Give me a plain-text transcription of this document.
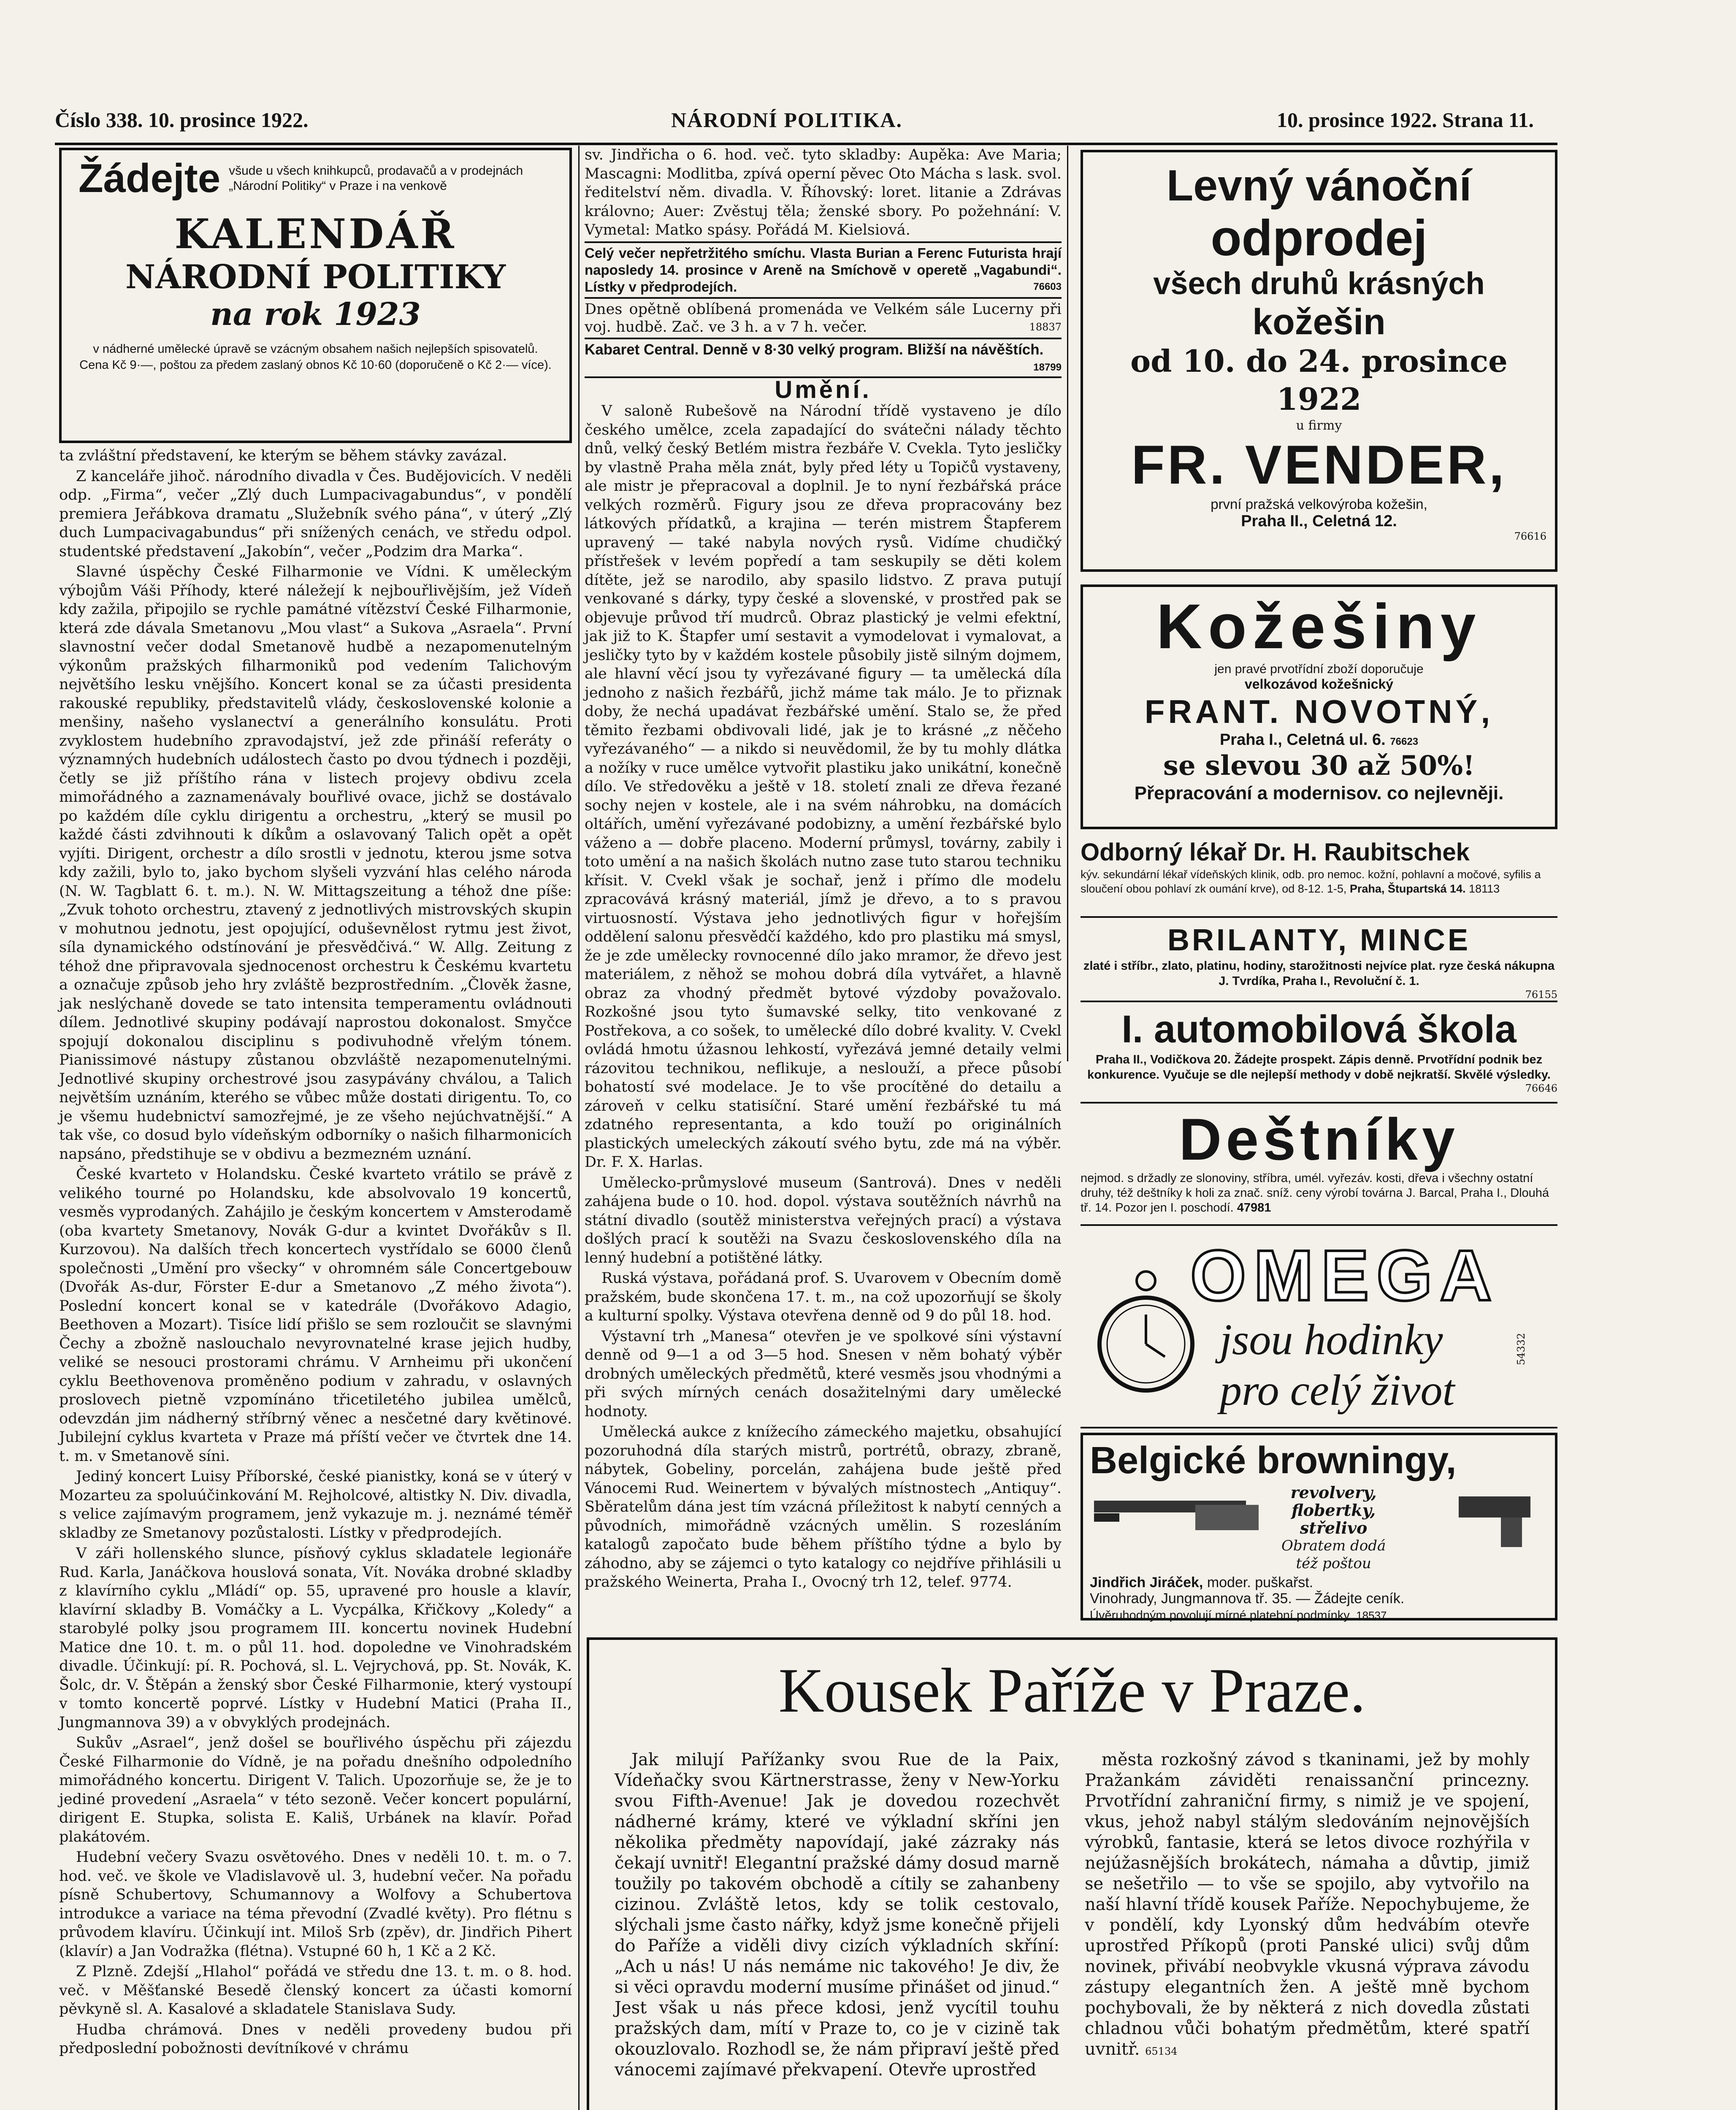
Číslo 338. 10. prosince 1922.	NÁRODNÍ POLITIKA.	10. prosince 1922. Strana 11.
Žádejte všude u všech knihkupců, prodavačů a v prodejnách „Národní Politiky“ v Praze i na venkově
KALENDÁŘ
NÁRODNÍ POLITIKY
na rok 1923
v nádherné umělecké úpravě se vzácným obsahem našich nejlepších spisovatelů. Cena Kč 9·—, poštou za předem zaslaný obnos Kč 10·60 (doporučeně o Kč 2·— více).

ta zvláštní představení, ke kterým se během stávky zavázal.

Z kanceláře jihoč. národního divadla v Čes. Budějovicích. V neděli odp. „Firma“, večer „Zlý duch Lumpacivagabundus“, v pondělí premiera Jeřábkova dramatu „Služebník svého pána“, v úterý „Zlý duch Lumpacivagabundus“ při snížených cenách, ve středu odpol. studentské představení „Jakobín“, večer „Podzim dra Marka“.

Slavné úspěchy České Filharmonie ve Vídni. K uměleckým výbojům Váši Příhody, které náležejí k nejbouřlivějším, jež Vídeň kdy zažila, připojilo se rychle památné vítězství České Filharmonie, která zde dávala Smetanovu „Mou vlast“ a Sukova „Asraela“. První slavnostní večer dodal Smetanově hudbě a nezapomenutelným výkonům pražských filharmoniků pod vedením Talichovým největšího lesku vnějšího. Koncert konal se za účasti presidenta rakouské republiky, představitelů vlády, československé kolonie a menšiny, našeho vyslanectví a generálního konsulátu. Proti zvyklostem hudebního zpravodajství, jež zde přináší referáty o významných hudebních událostech často po dvou týdnech i později, četly se již příštího rána v listech projevy obdivu zcela mimořádného a zaznamenávaly bouřlivé ovace, jichž se dostávalo po každém díle cyklu dirigentu a orchestru, „který se musil po každé části zdvihnouti k díkům a oslavovaný Talich opět a opět vyjíti. Dirigent, orchestr a dílo srostli v jednotu, kterou jsme sotva kdy zažili, bylo to, jako bychom slyšeli vyzvání hlas celého národa (N. W. Tagblatt 6. t. m.). N. W. Mittagszeitung a téhož dne píše: „Zvuk tohoto orchestru, ztavený z jednotlivých mistrovských skupin v mohutnou jednotu, jest opojující, oduševnělost rytmu jest život, síla dynamického odstínování je přesvědčivá.“ W. Allg. Zeitung z téhož dne připravovala sjednocenost orchestru k Českému kvartetu a označuje způsob jeho hry zvláště bezprostředním. „Člověk žasne, jak neslýchaně dovede se tato intensita temperamentu ovládnouti dílem. Jednotlivé skupiny podávají naprostou dokonalost. Smyčce spojují dokonalou disciplinu s podivuhodně vřelým tónem. Pianissimové nástupy zůstanou obzvláště nezapomenutelnými. Jednotlivé skupiny orchestrové jsou zasypávány chválou, a Talich největším uznáním, kterého se vůbec může dostati dirigentu. To, co je všemu hudebnictví samozřejmé, je ze všeho nejúchvatnější.“ A tak vše, co dosud bylo vídeňským odborníky o našich filharmonicích napsáno, předstihuje se v obdivu a bezmezném uznání.

České kvarteto v Holandsku. České kvarteto vrátilo se právě z velikého tourné po Holandsku, kde absolvovalo 19 koncertů, vesměs vyprodaných. Zahájilo je českým koncertem v Amsterodamě (oba kvartety Smetanovy, Novák G-dur a kvintet Dvořákův s Il. Kurzovou). Na dalších třech koncertech vystřídalo se 6000 členů společnosti „Umění pro všecky“ v ohromném sále Concertgebouw (Dvořák As-dur, Förster E-dur a Smetanovo „Z mého života“). Poslední koncert konal se v katedrále (Dvořákovo Adagio, Beethoven a Mozart). Tisíce lidí přišlo se sem rozloučit se slavnými Čechy a zbožně naslouchalo nevyrovnatelné krase jejich hudby, veliké se nesouci prostorami chrámu. V Arnheimu při ukončení cyklu Beethovenova proměněno podium v zahradu, v oslavných proslovech pietně vzpomínáno třicetiletého jubilea umělců, odevzdán jim nádherný stříbrný věnec a nesčetné dary květinové. Jubilejní cyklus kvarteta v Praze má příští večer ve čtvrtek dne 14. t. m. v Smetanově síni.

Jediný koncert Luisy Příborské, české pianistky, koná se v úterý v Mozarteu za spoluúčinkování M. Rejholcové, altistky N. Div. divadla, s velice zajímavým programem, jenž vykazuje m. j. neznámé téměř skladby ze Smetanovy pozůstalosti. Lístky v předprodejích.

V záři hollenského slunce, písňový cyklus skladatele legionáře Rud. Karla, Janáčkova houslová sonata, Vít. Nováka drobné skladby z klavírního cyklu „Mládí“ op. 55, upravené pro housle a klavír, klavírní skladby B. Vomáčky a L. Vycpálka, Křičkovy „Koledy“ a starobylé polky jsou programem III. koncertu novinek Hudební Matice dne 10. t. m. o půl 11. hod. dopoledne ve Vinohradském divadle. Účinkují: pí. R. Pochová, sl. L. Vejrychová, pp. St. Novák, K. Šolc, dr. V. Štěpán a ženský sbor České Filharmonie, který vystoupí v tomto koncertě poprvé. Lístky v Hudební Matici (Praha II., Jungmannova 39) a v obvyklých prodejnách.

Sukův „Asrael“, jenž došel se bouřlivého úspěchu při zájezdu České Filharmonie do Vídně, je na pořadu dnešního odpoledního mimořádného koncertu. Dirigent V. Talich. Upozorňuje se, že je to jediné provedení „Asraela“ v této sezoně. Večer koncert populární, dirigent E. Stupka, solista E. Kališ, Urbánek na klavír. Pořad plakátovém.

Hudební večery Svazu osvětového. Dnes v neděli 10. t. m. o 7. hod. več. ve škole ve Vladislavově ul. 3, hudební večer. Na pořadu písně Schubertovy, Schumannovy a Wolfovy a Schubertova introdukce a variace na téma převodní (Zvadlé květy). Pro flétnu s průvodem klavíru. Účinkují int. Miloš Srb (zpěv), dr. Jindřich Pihert (klavír) a Jan Vodražka (flétna). Vstupné 60 h, 1 Kč a 2 Kč.

Z Plzně. Zdejší „Hlahol“ pořádá ve středu dne 13. t. m. o 8. hod. več. v Měšťanské Besedě členský koncert za účasti komorní pěvkyně sl. A. Kasalové a skladatele Stanislava Sudy.

Hudba chrámová. Dnes v neděli provedeny budou při předposlední pobožnosti devítníkové v chrámu

sv. Jindřicha o 6. hod. več. tyto skladby: Aupěka: Ave Maria; Mascagni: Modlitba, zpívá operní pěvec Oto Mácha s lask. svol. ředitelství něm. divadla. V. Říhovský: loret. litanie a Zdrávas královno; Auer: Zvěstuj těla; ženské sbory. Po požehnání: V. Vymetal: Matko spásy. Pořádá M. Kielsiová.

Celý večer nepřetržitého smíchu. Vlasta Burian a Ferenc Futurista hrají naposledy 14. prosince v Areně na Smíchově v operetě „Vagabundi“. Lístky v předprodejích.	76603
Dnes opětně oblíbená promenáda ve Velkém sále Lucerny při voj. hudbě. Zač. ve 3 h. a v 7 h. večer.	18837
Kabaret Central. Denně v 8·30 velký program. Bližší na návěštích.
18799
Umění.

V saloně Rubešově na Národní třídě vystaveno je dílo českého umělce, zcela zapadající do svátečni nálady těchto dnů, velký český Betlém mistra řezbáře V. Cvekla. Tyto jesličky by vlastně Praha měla znát, byly před léty u Topičů vystaveny, ale mistr je přepracoval a doplnil. Je to nyní řezbářská práce velkých rozměrů. Figury jsou ze dřeva propracovány bez látkových přídatků, a krajina — terén mistrem Štapferem upravený — také nabyla nových rysů. Vidíme chudičký přístřešek v levém popředí a tam seskupily se děti kolem dítěte, jež se narodilo, aby spasilo lidstvo. Z prava putují venkované s dárky, typy české a slovenské, v prostřed pak se objevuje průvod tří mudrců. Obraz plastický je velmi efektní, jak již to K. Štapfer umí sestavit a vymodelovat i vymalovat, a jesličky tyto by v každém kostele působily jistě silným dojmem, ale hlavní věcí jsou ty vyřezávané figury — ta umělecká díla jednoho z našich řezbářů, jichž máme tak málo. Je to přiznak doby, že nechá upadávat řezbářské umění. Stalo se, že před těmito řezbami obdivovali lidé, jak je to krásné „z něčeho vyřezávaného“ — a nikdo si neuvědomil, že by tu mohly dlátka a nožíky v ruce umělce vytvořit plastiku jako unikátní, konečně dílo. Ve středověku a ještě v 18. století znali ze dřeva řezané sochy nejen v kostele, ale i na svém náhrobku, na domácích oltářích, umění vyřezávané podobizny, a umění řezbářské bylo váženo a — dobře placeno. Moderní průmysl, továrny, zabily i toto umění a na našich školách nutno zase tuto starou techniku křísit. V. Cvekl však je sochař, jenž i přímo dle modelu zpracovává krásný materiál, jímž je dřevo, a to s pravou virtuosností. Výstava jeho jednotlivých figur v hořejším oddělení salonu přesvědčí každého, kdo pro plastiku má smysl, že je zde umělecky rovnocenné dílo jako mramor, že dřevo jest materiálem, z něhož se mohou dobrá díla vytvářet, a hlavně obraz za vhodný předmět bytové výzdoby považovalo. Rozkošné jsou tyto šumavské selky, tito venkované z Postřekova, a co sošek, to umělecké dílo dobré kvality. V. Cvekl ovládá hmotu úžasnou lehkostí, vyřezává jemné detaily velmi rázovitou technikou, neflikuje, a neslouží, a přece působí bohatostí své modelace. Je to vše procítěné do detailu a zároveň v celku statisíční. Staré umění řezbářské tu má zdatného representanta, a kdo touží po originálních plastických umeleckých zákoutí svého bytu, zde má na výběr. Dr. F. X. Harlas.

Umělecko-průmyslové museum (Santrová). Dnes v neděli zahájena bude o 10. hod. dopol. výstava soutěžních návrhů na státní divadlo (soutěž ministerstva veřejných prací) a výstava došlých prací k soutěži na Svazu československého díla na lenný hudební a potištěné látky.

Ruská výstava, pořádaná prof. S. Uvarovem v Obecním domě pražském, bude skončena 17. t. m., na což upozorňují se školy a kulturní spolky. Výstava otevřena denně od 9 do půl 18. hod.

Výstavní trh „Manesa“ otevřen je ve spolkové síni výstavní denně od 9—1 a od 3—5 hod. Snesen v něm bohatý výběr drobných uměleckých předmětů, které vesměs jsou vhodnými a při svých mírných cenách dosažitelnými dary umělecké hodnoty.

Umělecká aukce z knížecího zámeckého majetku, obsahující pozoruhodná díla starých mistrů, portrétů, obrazy, zbraně, nábytek, Gobeliny, porcelán, zahájena bude ještě před Vánocemi Rud. Weinertem v bývalých místnostech „Antiquy“. Sběratelům dána jest tím vzácná příležitost k nabytí cenných a původních, mimořádně vzácných umělin. S rozesláním katalogů započato bude během příštího týdne a bylo by záhodno, aby se zájemci o tyto katalogy co nejdříve přihlásili u pražského Weinerta, Praha I., Ovocný trh 12, telef. 9774.

Levný vánoční
odprodej
všech druhů krásných
kožešin
od 10. do 24. prosince 1922
u firmy
FR. VENDER,
první pražská velkovýroba kožešin,
Praha II., Celetná 12.
76616
Kožešiny
jen pravé prvotřídní zboží doporučuje
velkozávod kožešnický
FRANT. NOVOTNÝ,
Praha I., Celetná ul. 6. 76623
se slevou 30 až 50%!
Přepracování a modernisov. co nejlevněji.
Odborný lékař Dr. H. Raubitschek
kýv. sekundární lékař vídeňských klinik, odb. pro nemoc. kožní, pohlavní a močové, syfilis a sloučení obou pohlaví zk oumání krve), od 8-12. 1-5, Praha, Štupartská 14. 18113
BRILANTY, MINCE
zlaté i stříbr., zlato, platinu, hodiny, starožitnosti nejvíce plat. ryze česká nákupna J. Tvrdíka, Praha I., Revoluční č. 1.
76155
I. automobilová škola
Praha II., Vodičkova 20. Žádejte prospekt. Zápis denně. Prvotřídní podnik bez konkurence. Vyučuje se dle nejlepší methody v době nejkratší. Skvělé výsledky.
76646
Deštníky
nejmod. s držadly ze slonoviny, stříbra, umél. vyřezáv. kosti, dřeva i všechny ostatní druhy, též deštníky k holi za znač. sníž. ceny výrobí továrna J. Barcal, Praha I., Dlouhá tř. 14. Pozor jen I. poschodí. 47981
OMEGA
jsou hodinky
pro celý život
54332
Belgické browningy,
revolvery,
flobertky,
střelivo
Obratem dodá
též poštou
Jindřich Jiráček, moder. puškařst.
Vinohrady, Jungmannova tř. 35. — Žádejte ceník.
Úvěruhodným povolují mírné platební podmínky. 18537
Kousek Paříže v Praze.
Jak milují Pařížanky svou Rue de la Paix, Vídeňačky svou Kärtnerstrasse, ženy v New-Yorku svou Fifth-Avenue! Jak je dovedou rozechvět nádherné krámy, které ve výkladní skříni jen několika předměty napovídají, jaké zázraky nás čekají uvnitř! Elegantní pražské dámy dosud marně toužily po takovém obchodě a cítily se zahanbeny cizinou. Zvláště letos, kdy se tolik cestovalo, slýchali jsme často nářky, když jsme konečně přijeli do Paříže a viděli divy cizích výkladních skříní: „Ach u nás! U nás nemáme nic takového! Je div, že si věci opravdu moderní musíme přinášet od jinud.“ Jest však u nás přece kdosi, jenž vycítil touhu pražských dam, mítí v Praze to, co je v cizině tak okouzlovalo. Rozhodl se, že nám připraví ještě před vánocemi zajímavé překvapení. Otevře uprostřed
města rozkošný závod s tkaninami, jež by mohly Pražankám záviděti renaissanční princezny. Prvotřídní zahraniční firmy, s nimiž je ve spojení, vkus, jehož nabyl stálým sledováním nejnovějších výrobků, fantasie, která se letos divoce rozhýřila v nejúžasnějších brokátech, námaha a důvtip, jimiž se nešetřilo — to vše se spojilo, aby vytvořilo na naší hlavní třídě kousek Paříže. Nepochybujeme, že v pondělí, kdy Lyonský dům hedvábím otevře uprostřed Příkopů (proti Panské ulici) svůj dům novinek, přivábí neobvykle vkusná výprava závodu zástupy elegantních žen. A ještě mně bychom pochybovali, že by některá z nich dovedla zůstati chladnou vůči bohatým předmětům, které spatří uvnitř. 65134
